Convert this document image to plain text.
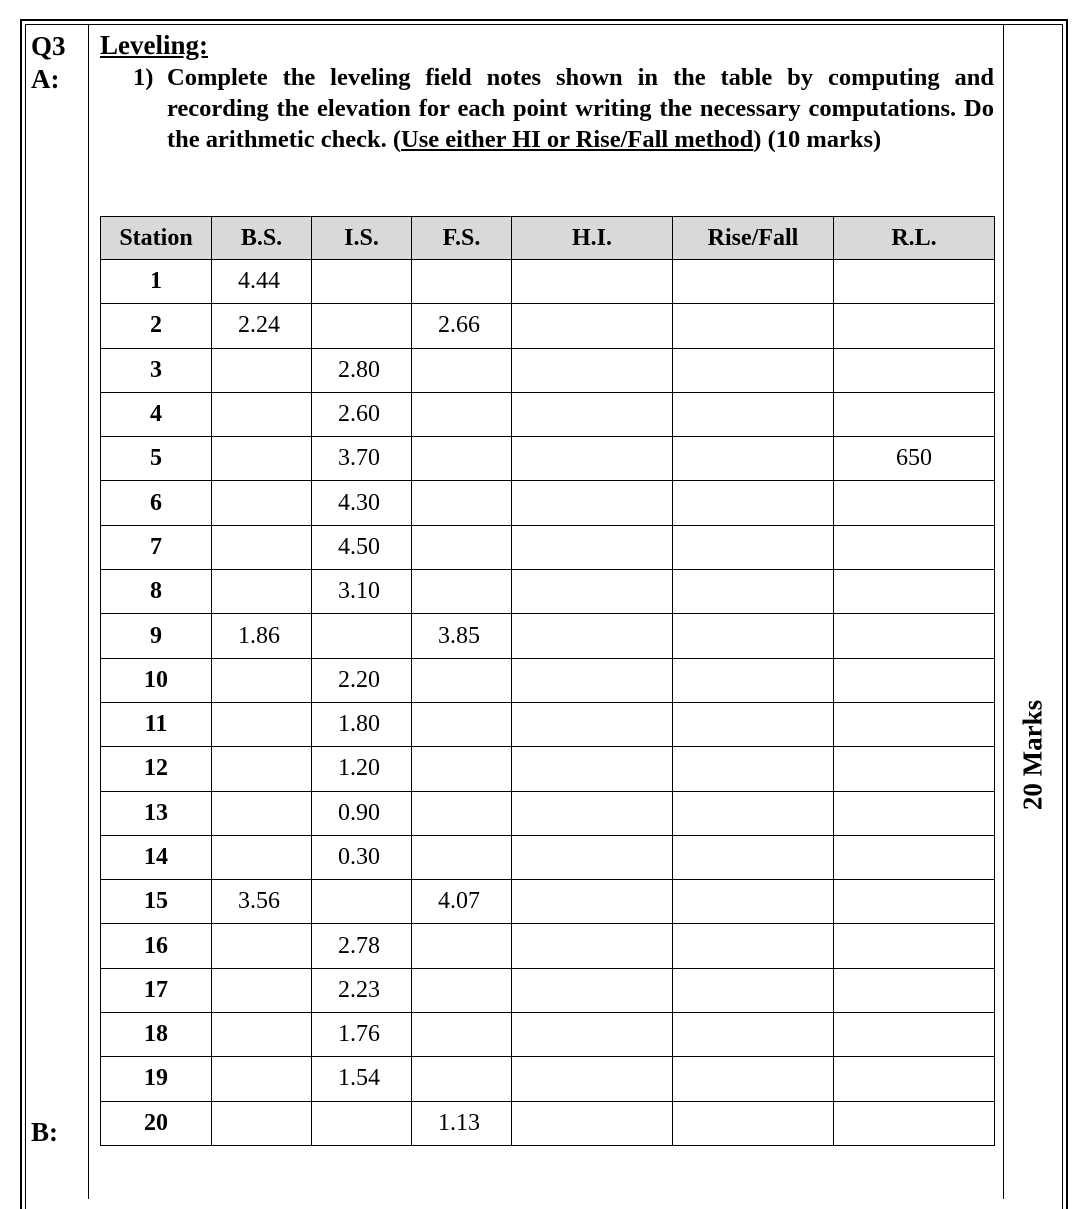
Q3
A:
B:
Leveling:
1) Complete the leveling field notes shown in the table by computing and recording the elevation for each point writing the necessary computations. Do the arithmetic check. (Use either HI or Rise/Fall method) (10 marks)
Station	B.S.	I.S.	F.S.	H.I.	Rise/Fall	R.L.
1	4.44					
2	2.24		2.66			
3		2.80				
4		2.60				
5		3.70				650
6		4.30				
7		4.50				
8		3.10				
9	1.86		3.85			
10		2.20				
11		1.80				
12		1.20				
13		0.90				
14		0.30				
15	3.56		4.07			
16		2.78				
17		2.23				
18		1.76				
19		1.54				
20			1.13			
20 Marks
